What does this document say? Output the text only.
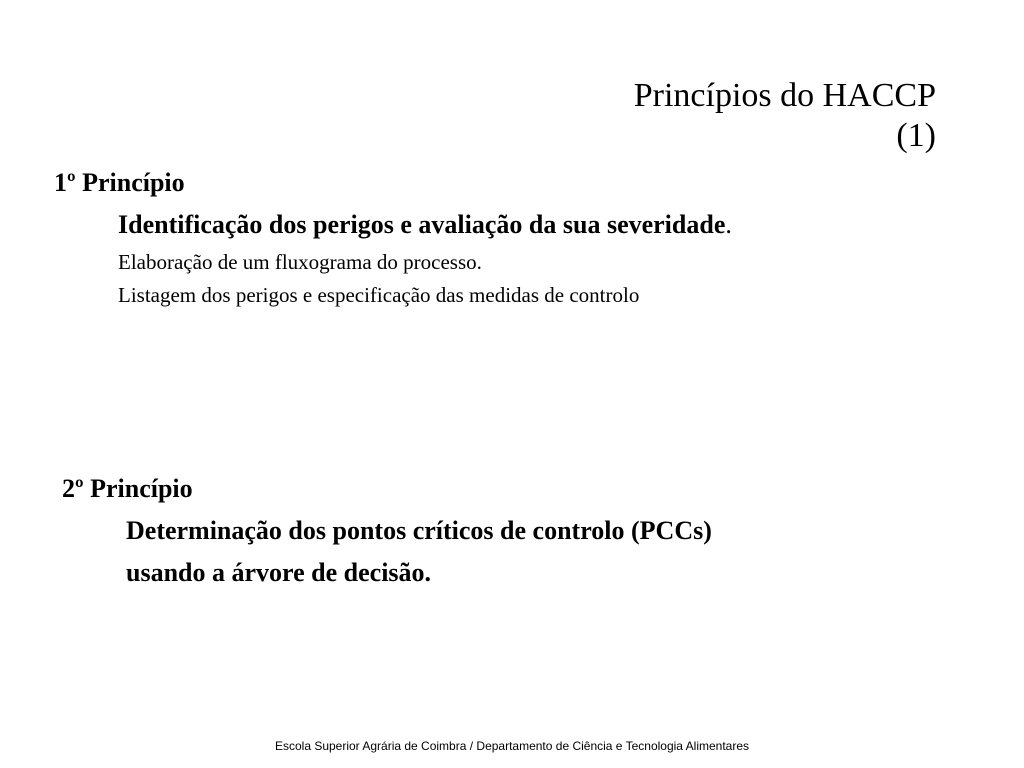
Princípios do HACCP
(1)
1º Princípio
Identificação dos perigos e avaliação da sua severidade.
Elaboração de um fluxograma do processo.
Listagem dos perigos e especificação das medidas de controlo
2º Princípio
Determinação dos pontos críticos de controlo (PCCs)
usando a árvore de decisão.
Escola Superior Agrária de Coimbra / Departamento de Ciência e Tecnologia Alimentares
